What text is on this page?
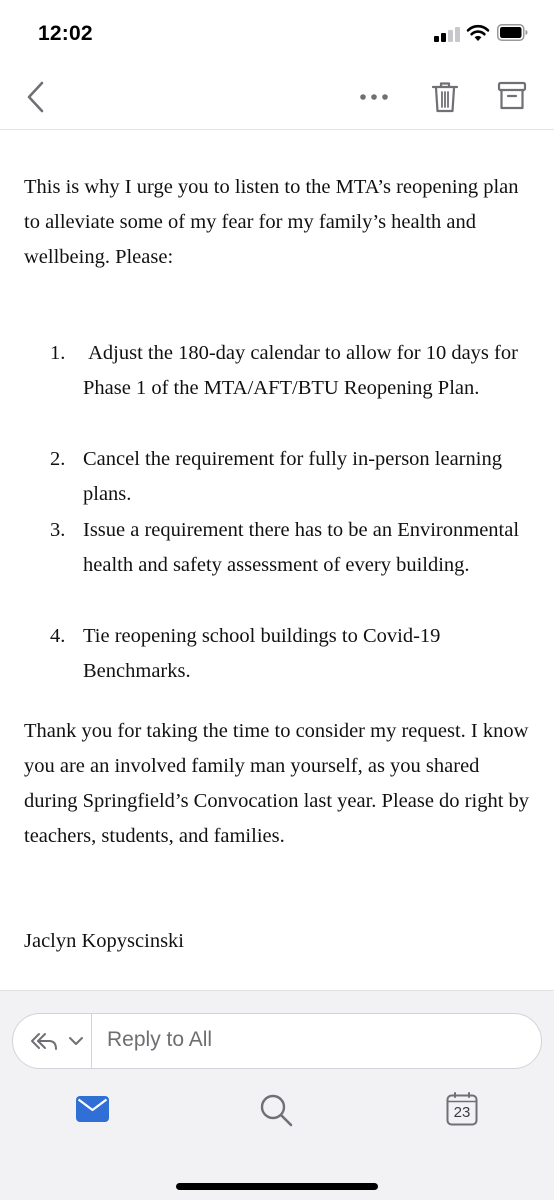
12:02
This is why I urge you to listen to the MTA’s reopening plan to alleviate some of my fear for my family’s health and wellbeing. Please:
1. Adjust the 180-day calendar to allow for 10 days for Phase 1 of the MTA/AFT/BTU Reopening Plan.
2. Cancel the requirement for fully in-person learning plans.
3. Issue a requirement there has to be an Environmental health and safety assessment of every building.
4. Tie reopening school buildings to Covid-19 Benchmarks.
Thank you for taking the time to consider my request. I know you are an involved family man yourself, as you shared during Springfield’s Convocation last year. Please do right by teachers, students, and families.
Jaclyn Kopyscinski
Reply to All
23
